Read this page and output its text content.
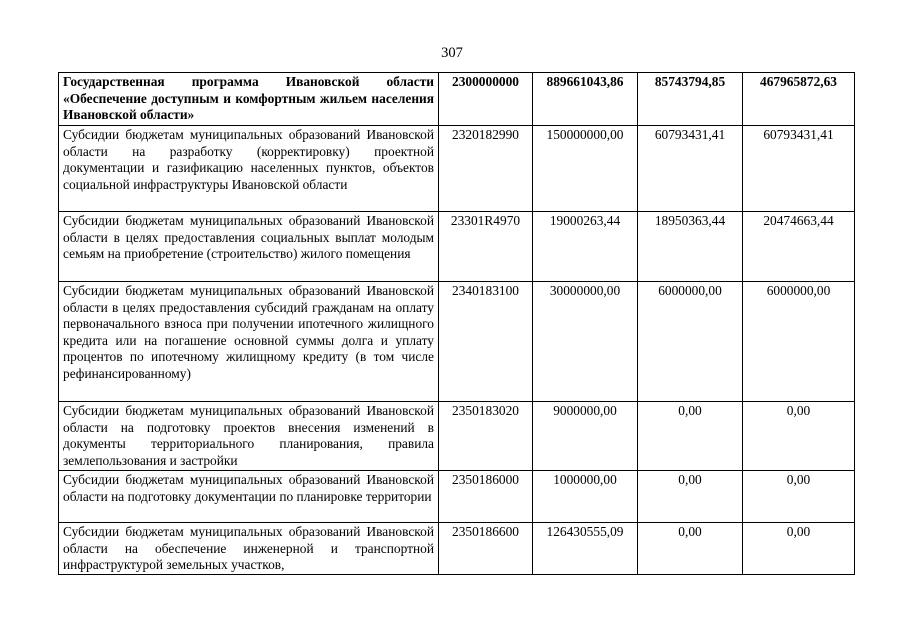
307
Государственная программа Ивановской области «Обеспечение доступным и комфортным жильем населения Ивановской области»	2300000000	889661043,86	85743794,85	467965872,63
Субсидии бюджетам муниципальных образований Ивановской области на разработку (корректировку) проектной документации и газификацию населенных пунктов, объектов социальной инфраструктуры Ивановской области	2320182990	150000000,00	60793431,41	60793431,41
Субсидии бюджетам муниципальных образований Ивановской области в целях предоставления социальных выплат молодым семьям на приобретение (строительство) жилого помещения	23301R4970	19000263,44	18950363,44	20474663,44
Субсидии бюджетам муниципальных образований Ивановской области в целях предоставления субсидий гражданам на оплату первоначального взноса при получении ипотечного жилищного кредита или на погашение основной суммы долга и уплату процентов по ипотечному жилищному кредиту (в том числе рефинансированному)	2340183100	30000000,00	6000000,00	6000000,00
Субсидии бюджетам муниципальных образований Ивановской области на подготовку проектов внесения изменений в документы территориального планирования, правила землепользования и застройки	2350183020	9000000,00	0,00	0,00
Субсидии бюджетам муниципальных образований Ивановской области на подготовку документации по планировке территории	2350186000	1000000,00	0,00	0,00
Субсидии бюджетам муниципальных образований Ивановской области на обеспечение инженерной и транспортной инфраструктурой земельных участков,	2350186600	126430555,09	0,00	0,00
